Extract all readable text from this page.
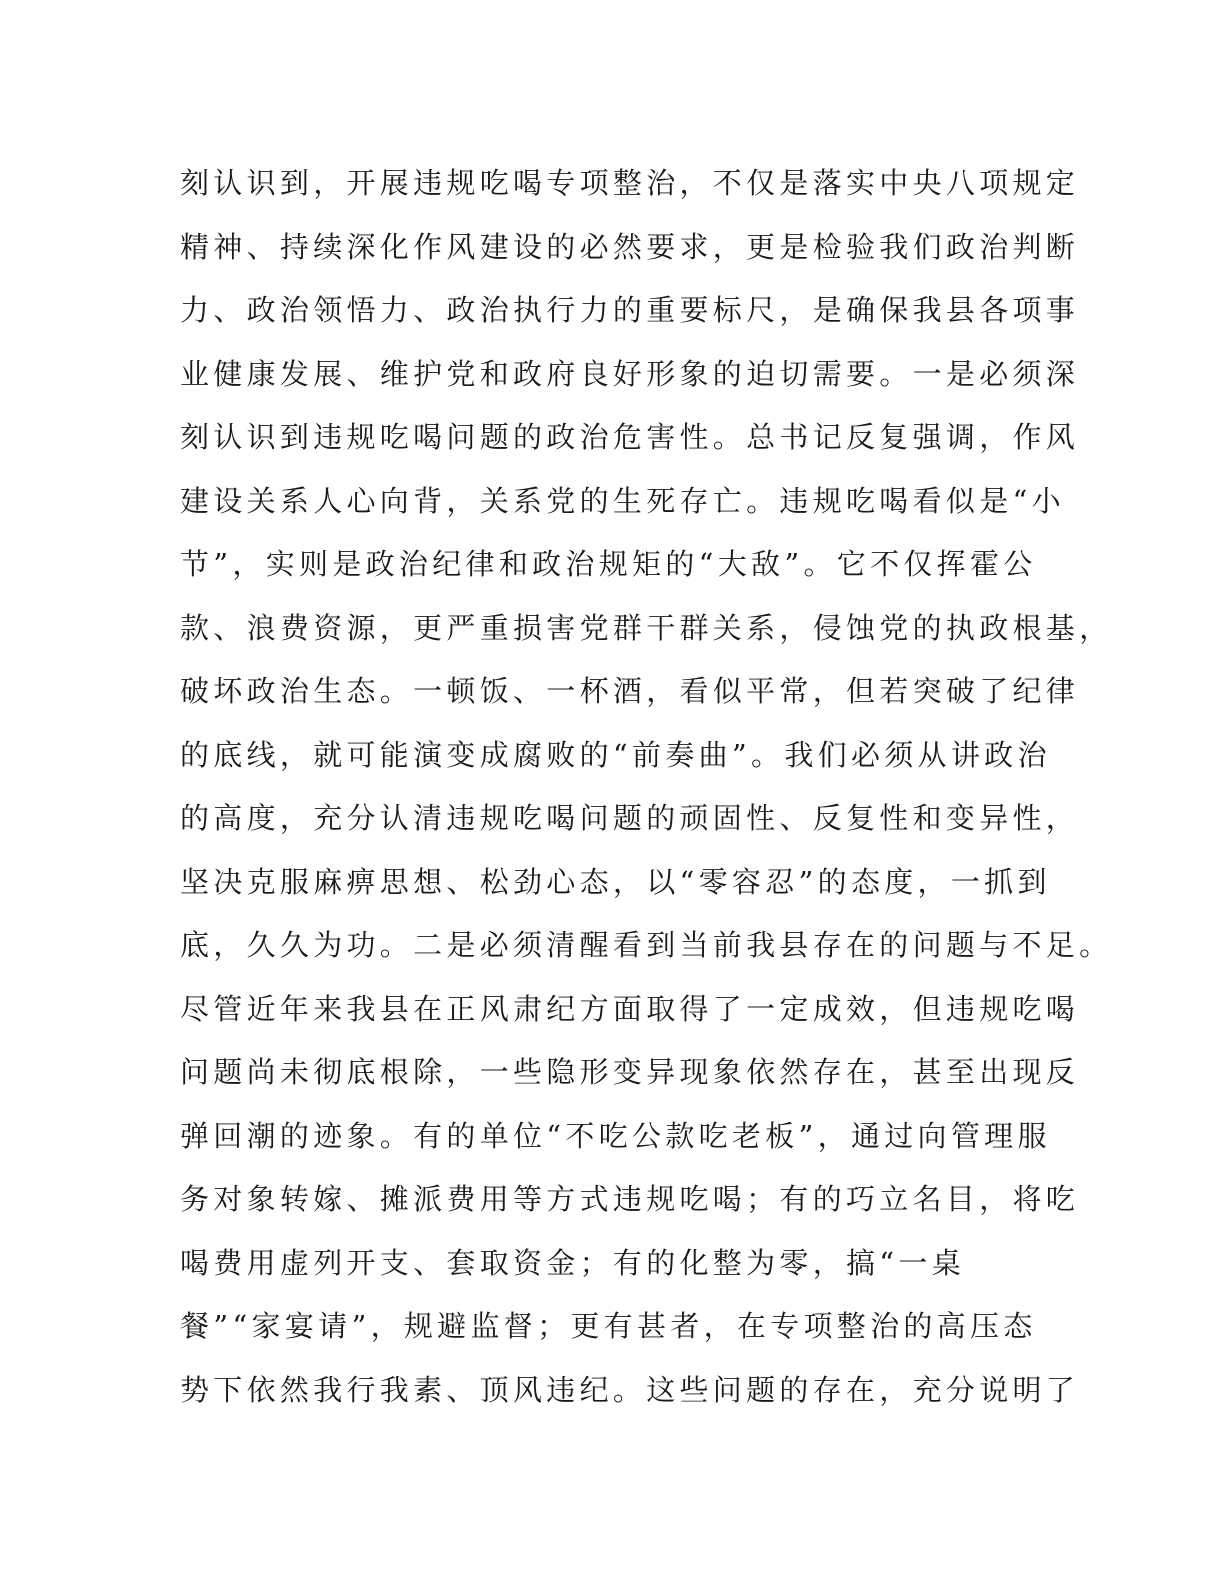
刻认识到，开展违规吃喝专项整治，不仅是落实中央八项规定
精神、持续深化作风建设的必然要求，更是检验我们政治判断
力、政治领悟力、政治执行力的重要标尺，是确保我县各项事
业健康发展、维护党和政府良好形象的迫切需要。一是必须深
刻认识到违规吃喝问题的政治危害性。总书记反复强调，作风
建设关系人心向背，关系党的生死存亡。违规吃喝看似是“小
节”，实则是政治纪律和政治规矩的“大敌”。它不仅挥霍公
款、浪费资源，更严重损害党群干群关系，侵蚀党的执政根基，
破坏政治生态。一顿饭、一杯酒，看似平常，但若突破了纪律
的底线，就可能演变成腐败的“前奏曲”。我们必须从讲政治
的高度，充分认清违规吃喝问题的顽固性、反复性和变异性，
坚决克服麻痹思想、松劲心态，以“零容忍”的态度，一抓到
底，久久为功。二是必须清醒看到当前我县存在的问题与不足。
尽管近年来我县在正风肃纪方面取得了一定成效，但违规吃喝
问题尚未彻底根除，一些隐形变异现象依然存在，甚至出现反
弹回潮的迹象。有的单位“不吃公款吃老板”，通过向管理服
务对象转嫁、摊派费用等方式违规吃喝；有的巧立名目，将吃
喝费用虚列开支、套取资金；有的化整为零，搞“一桌
餐”“家宴请”，规避监督；更有甚者，在专项整治的高压态
势下依然我行我素、顶风违纪。这些问题的存在，充分说明了
